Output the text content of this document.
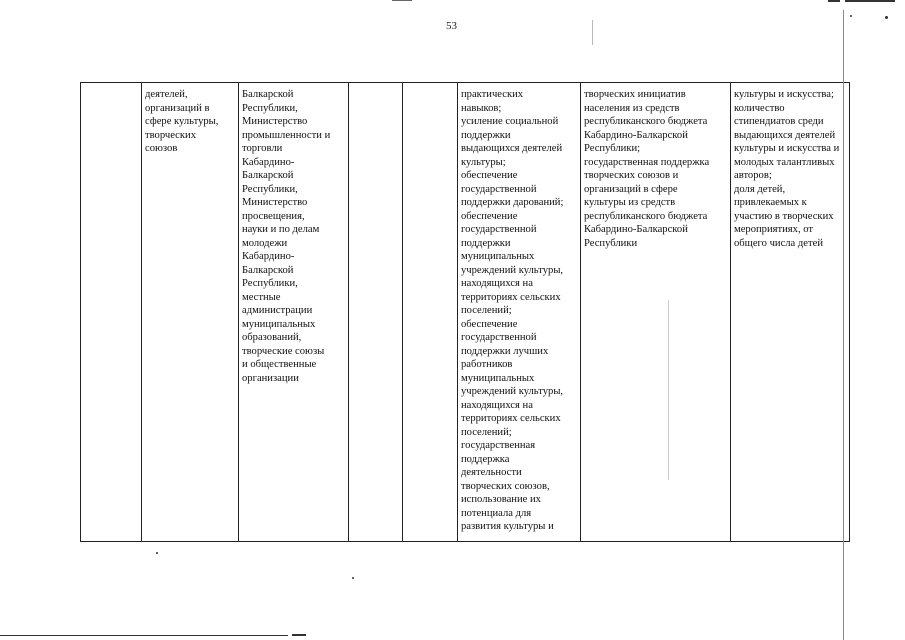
53
	деятелей,
организаций в
сфере культуры,
творческих
союзов	Балкарской
Республики,
Министерство
промышленности и
торговли
Кабардино-
Балкарской
Республики,
Министерство
просвещения,
науки и по делам
молодежи
Кабардино-
Балкарской
Республики,
местные
администрации
муниципальных
образований,
творческие союзы
и общественные
организации			практических
навыков;
усиление социальной
поддержки
выдающихся деятелей
культуры;
обеспечение
государственной
поддержки дарований;
обеспечение
государственной
поддержки
муниципальных
учреждений культуры,
находящихся на
территориях сельских
поселений;
обеспечение
государственной
поддержки лучших
работников
муниципальных
учреждений культуры,
находящихся на
территориях сельских
поселений;
государственная
поддержка
деятельности
творческих союзов,
использование их
потенциала для
развития культуры и	творческих инициатив
населения из средств
республиканского бюджета
Кабардино-Балкарской
Республики;
государственная поддержка
творческих союзов и
организаций в сфере
культуры из средств
республиканского бюджета
Кабардино-Балкарской
Республики	культуры и искусства;
количество
стипендиатов среди
выдающихся деятелей
культуры и искусства и
молодых талантливых
авторов;
доля детей,
привлекаемых к
участию в творческих
мероприятиях, от
общего числа детей
